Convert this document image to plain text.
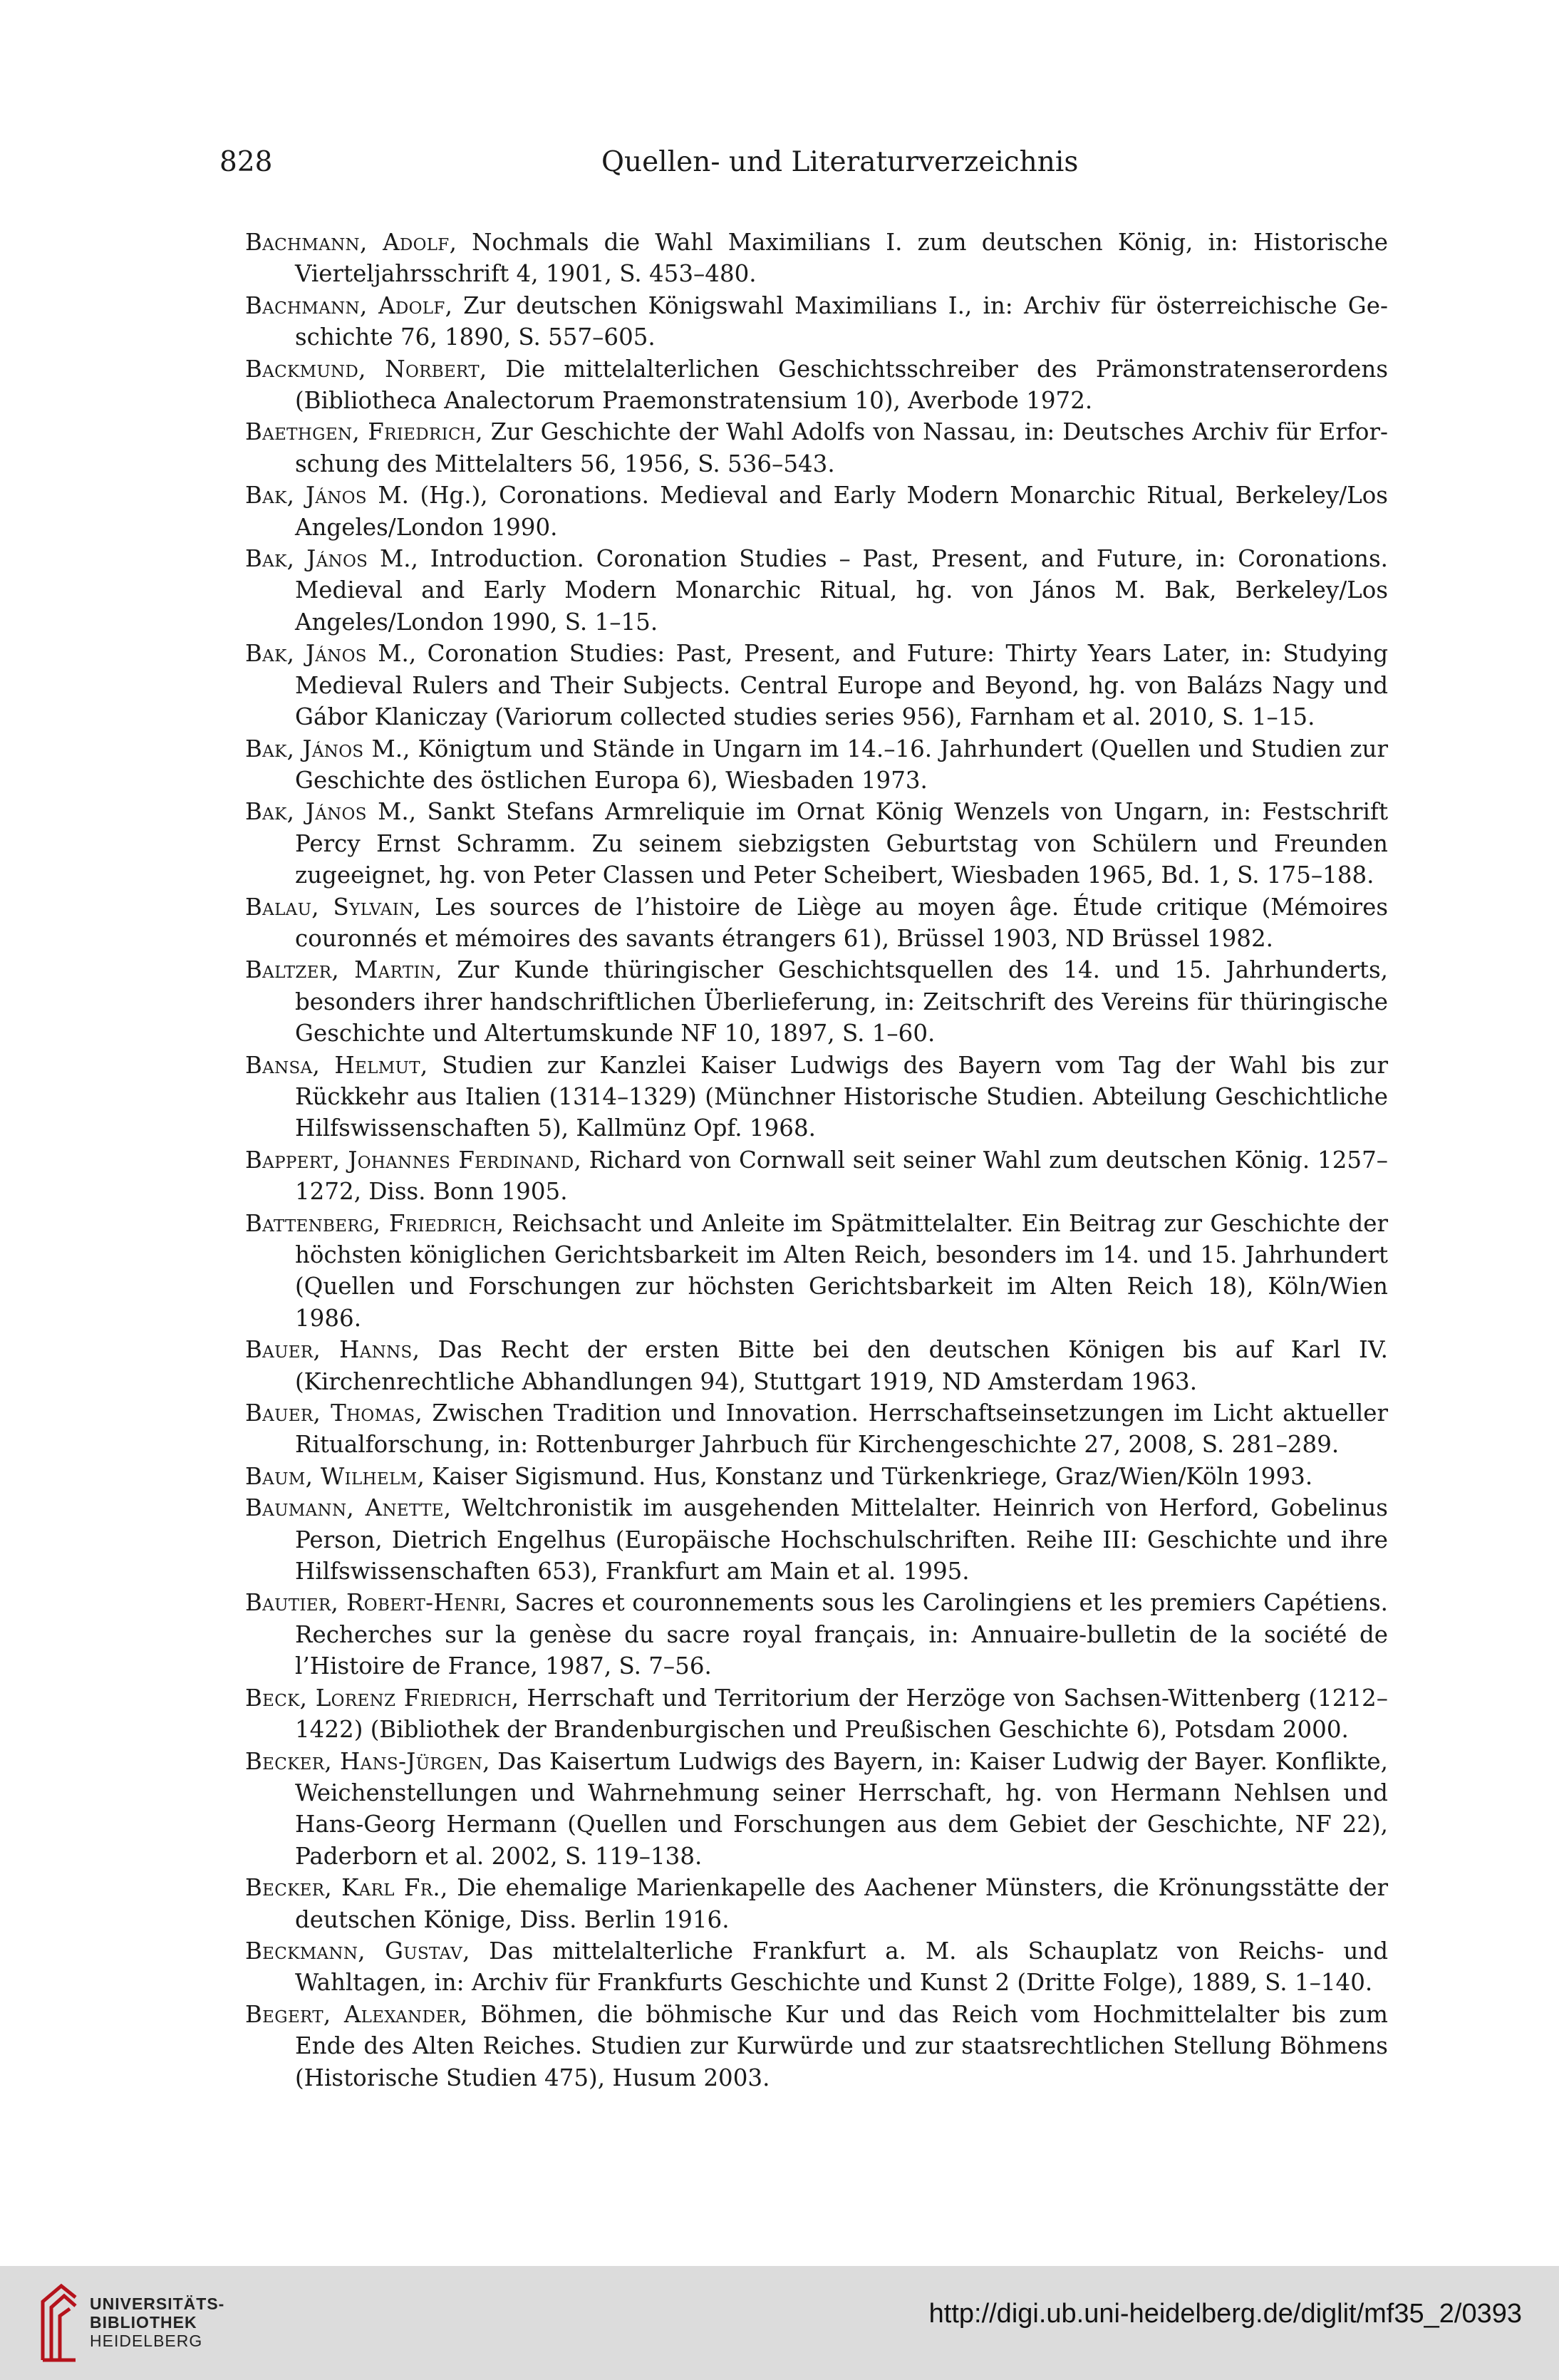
828	Quellen- und Literaturverzeichnis
Bachmann, Adolf, Nochmals die Wahl Maximilians I. zum deutschen König, in: Historische Vierteljahrsschrift 4, 1901, S. 453–480.
Bachmann, Adolf, Zur deutschen Königswahl Maximilians I., in: Archiv für österreichische Geschichte 76, 1890, S. 557–605.
Backmund, Norbert, Die mittelalterlichen Geschichtsschreiber des Prämonstratenserordens (Bibliotheca Analectorum Praemonstratensium 10), Averbode 1972.
Baethgen, Friedrich, Zur Geschichte der Wahl Adolfs von Nassau, in: Deutsches Archiv für Erforschung des Mittelalters 56, 1956, S. 536–543.
Bak, János M. (Hg.), Coronations. Medieval and Early Modern Monarchic Ritual, Berkeley/Los Angeles/London 1990.
Bak, János M., Introduction. Coronation Studies – Past, Present, and Future, in: Coronations. Medieval and Early Modern Monarchic Ritual, hg. von János M. Bak, Berkeley/Los Angeles/London 1990, S. 1–15.
Bak, János M., Coronation Studies: Past, Present, and Future: Thirty Years Later, in: Studying Medieval Rulers and Their Subjects. Central Europe and Beyond, hg. von Balázs Nagy und Gábor Klaniczay (Variorum collected studies series 956), Farnham et al. 2010, S. 1–15.
Bak, János M., Königtum und Stände in Ungarn im 14.–16. Jahrhundert (Quellen und Studien zur Geschichte des östlichen Europa 6), Wiesbaden 1973.
Bak, János M., Sankt Stefans Armreliquie im Ornat König Wenzels von Ungarn, in: Festschrift Percy Ernst Schramm. Zu seinem siebzigsten Geburtstag von Schülern und Freunden zugeeignet, hg. von Peter Classen und Peter Scheibert, Wiesbaden 1965, Bd. 1, S. 175–188.
Balau, Sylvain, Les sources de l’histoire de Liège au moyen âge. Étude critique (Mémoires couronnés et mémoires des savants étrangers 61), Brüssel 1903, ND Brüssel 1982.
Baltzer, Martin, Zur Kunde thüringischer Geschichtsquellen des 14. und 15. Jahrhunderts, besonders ihrer handschriftlichen Überlieferung, in: Zeitschrift des Vereins für thüringische Geschichte und Altertumskunde NF 10, 1897, S. 1–60.
Bansa, Helmut, Studien zur Kanzlei Kaiser Ludwigs des Bayern vom Tag der Wahl bis zur Rückkehr aus Italien (1314–1329) (Münchner Historische Studien. Abteilung Geschichtliche Hilfswissenschaften 5), Kallmünz Opf. 1968.
Bappert, Johannes Ferdinand, Richard von Cornwall seit seiner Wahl zum deutschen König. 1257–1272, Diss. Bonn 1905.
Battenberg, Friedrich, Reichsacht und Anleite im Spätmittelalter. Ein Beitrag zur Geschichte der höchsten königlichen Gerichtsbarkeit im Alten Reich, besonders im 14. und 15. Jahrhundert (Quellen und Forschungen zur höchsten Gerichtsbarkeit im Alten Reich 18), Köln/Wien 1986.
Bauer, Hanns, Das Recht der ersten Bitte bei den deutschen Königen bis auf Karl IV. (Kirchenrechtliche Abhandlungen 94), Stuttgart 1919, ND Amsterdam 1963.
Bauer, Thomas, Zwischen Tradition und Innovation. Herrschaftseinsetzungen im Licht aktueller Ritualforschung, in: Rottenburger Jahrbuch für Kirchengeschichte 27, 2008, S. 281–289.
Baum, Wilhelm, Kaiser Sigismund. Hus, Konstanz und Türkenkriege, Graz/Wien/Köln 1993.
Baumann, Anette, Weltchronistik im ausgehenden Mittelalter. Heinrich von Herford, Gobelinus Person, Dietrich Engelhus (Europäische Hochschulschriften. Reihe III: Geschichte und ihre Hilfswissenschaften 653), Frankfurt am Main et al. 1995.
Bautier, Robert-Henri, Sacres et couronnements sous les Carolingiens et les premiers Capétiens. Recherches sur la genèse du sacre royal français, in: Annuaire-bulletin de la société de l’Histoire de France, 1987, S. 7–56.
Beck, Lorenz Friedrich, Herrschaft und Territorium der Herzöge von Sachsen-Wittenberg (1212–1422) (Bibliothek der Brandenburgischen und Preußischen Geschichte 6), Potsdam 2000.
Becker, Hans-Jürgen, Das Kaisertum Ludwigs des Bayern, in: Kaiser Ludwig der Bayer. Konflikte, Weichenstellungen und Wahrnehmung seiner Herrschaft, hg. von Hermann Nehlsen und Hans-Georg Hermann (Quellen und Forschungen aus dem Gebiet der Geschichte, NF 22), Paderborn et al. 2002, S. 119–138.
Becker, Karl Fr., Die ehemalige Marienkapelle des Aachener Münsters, die Krönungsstätte der deutschen Könige, Diss. Berlin 1916.
Beckmann, Gustav, Das mittelalterliche Frankfurt a. M. als Schauplatz von Reichs- und Wahltagen, in: Archiv für Frankfurts Geschichte und Kunst 2 (Dritte Folge), 1889, S. 1–140.
Begert, Alexander, Böhmen, die böhmische Kur und das Reich vom Hochmittelalter bis zum Ende des Alten Reiches. Studien zur Kurwürde und zur staatsrechtlichen Stellung Böhmens (Historische Studien 475), Husum 2003.
UNIVERSITÄTS-
BIBLIOTHEK
HEIDELBERG
http://digi.ub.uni-heidelberg.de/diglit/mf35_2/0393
